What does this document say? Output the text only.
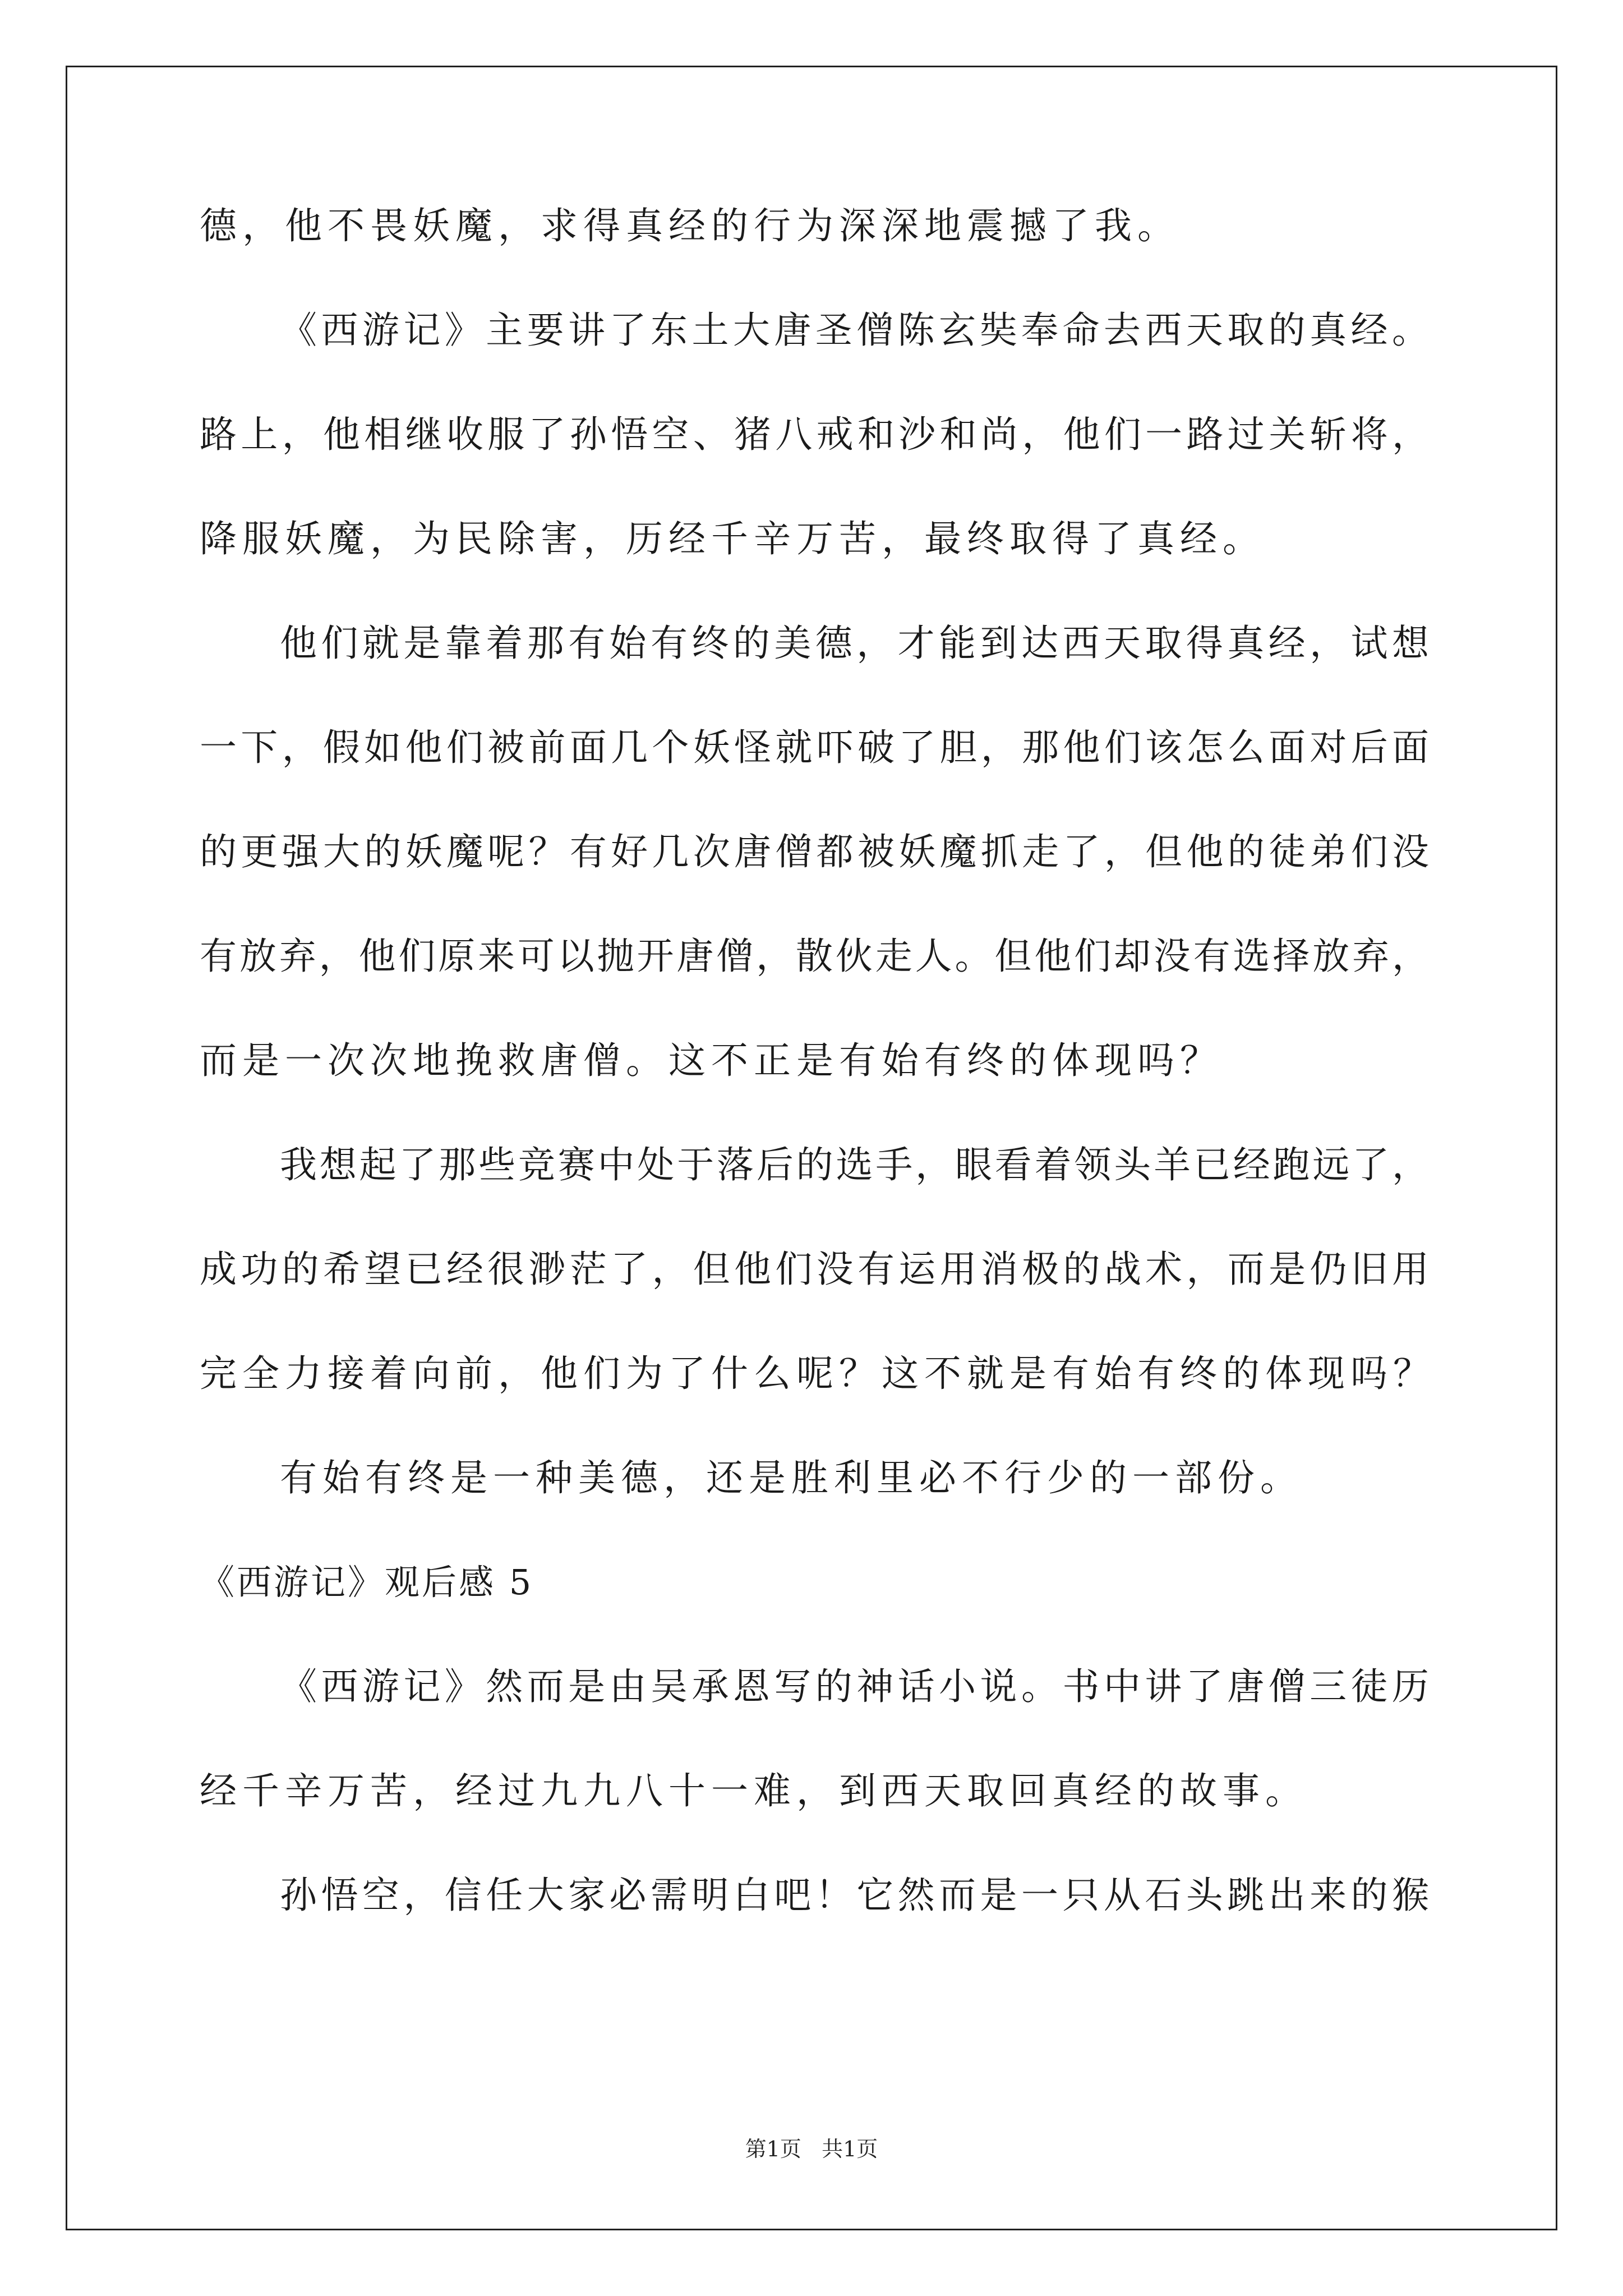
德，他不畏妖魔，求得真经的行为深深地震撼了我。
《西游记》主要讲了东土大唐圣僧陈玄奘奉命去西天取的真经。
路上，他相继收服了孙悟空、猪八戒和沙和尚，他们一路过关斩将，
降服妖魔，为民除害，历经千辛万苦，最终取得了真经。
他们就是靠着那有始有终的美德，才能到达西天取得真经，试想
一下，假如他们被前面几个妖怪就吓破了胆，那他们该怎么面对后面
的更强大的妖魔呢？有好几次唐僧都被妖魔抓走了，但他的徒弟们没
有放弃，他们原来可以抛开唐僧，散伙走人。但他们却没有选择放弃，
而是一次次地挽救唐僧。这不正是有始有终的体现吗？
我想起了那些竞赛中处于落后的选手，眼看着领头羊已经跑远了，
成功的希望已经很渺茫了，但他们没有运用消极的战术，而是仍旧用
完全力接着向前，他们为了什么呢？这不就是有始有终的体现吗？
有始有终是一种美德，还是胜利里必不行少的一部份。
《西游记》观后感 5
《西游记》然而是由吴承恩写的神话小说。书中讲了唐僧三徒历
经千辛万苦，经过九九八十一难，到西天取回真经的故事。
孙悟空，信任大家必需明白吧！它然而是一只从石头跳出来的猴
第1页   共1页
